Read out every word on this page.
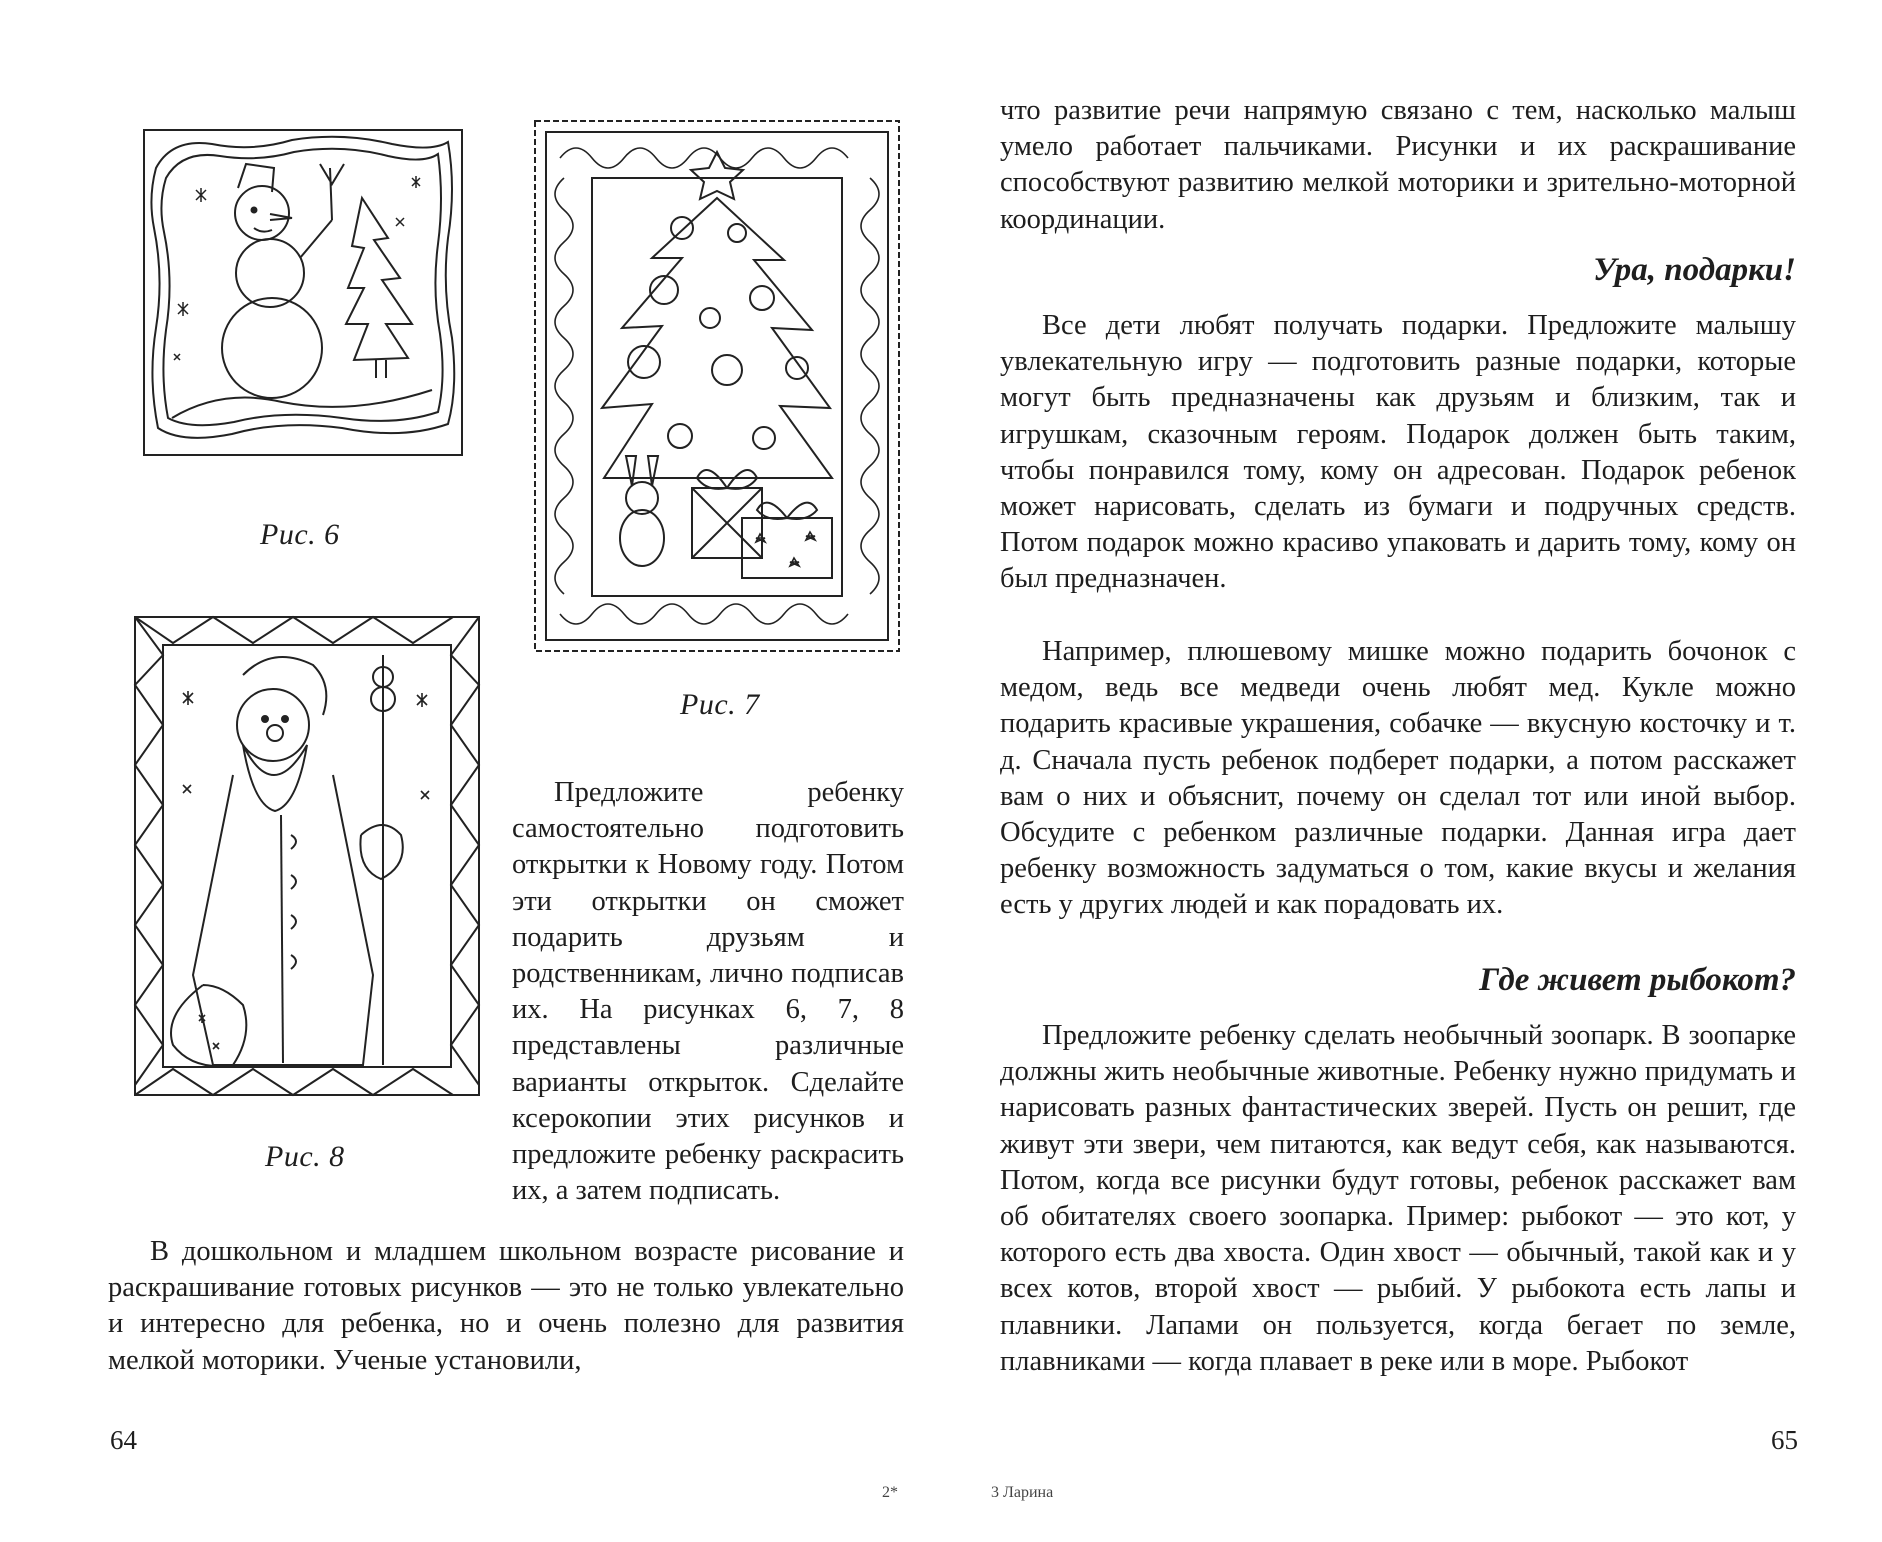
Рис. 6
Рис. 7
Рис. 8

Предложите ребенку самостоятельно подготовить открытки к Новому году. Потом эти открытки он сможет подарить друзьям и родственникам, лично подписав их. На рисунках 6, 7, 8 представлены различные варианты открыток. Сделайте ксерокопии этих рисунков и предложите ребенку раскрасить их, а затем подписать.

В дошкольном и младшем школьном возрасте рисование и раскрашивание готовых рисунков — это не только увлекательно и интересно для ребенка, но и очень полезно для развития мелкой моторики. Ученые установили,

64
2*

что развитие речи напрямую связано с тем, насколько малыш умело работает пальчиками. Рисунки и их раскрашивание способствуют развитию мелкой моторики и зрительно-моторной координации.

Ура, подарки!

Все дети любят получать подарки. Предложите малышу увлекательную игру — подготовить разные подарки, которые могут быть предназначены как друзьям и близким, так и игрушкам, сказочным героям. Подарок должен быть таким, чтобы понравился тому, кому он адресован. Подарок ребенок может нарисовать, сделать из бумаги и подручных средств. Потом подарок можно красиво упаковать и дарить тому, кому он был предназначен.

Например, плюшевому мишке можно подарить бочонок с медом, ведь все медведи очень любят мед. Кукле можно подарить красивые украшения, собачке — вкусную косточку и т. д. Сначала пусть ребенок подберет подарки, а потом расскажет вам о них и объяснит, почему он сделал тот или иной выбор. Обсудите с ребенком различные подарки. Данная игра дает ребенку возможность задуматься о том, какие вкусы и желания есть у других людей и как порадовать их.

Где живет рыбокот?

Предложите ребенку сделать необычный зоопарк. В зоопарке должны жить необычные животные. Ребенку нужно придумать и нарисовать разных фантастических зверей. Пусть он решит, где живут эти звери, чем питаются, как ведут себя, как называются. Потом, когда все рисунки будут готовы, ребенок расскажет вам об обитателях своего зоопарка. Пример: рыбокот — это кот, у которого есть два хвоста. Один хвост — обычный, такой как и у всех котов, второй хвост — рыбий. У рыбокота есть лапы и плавники. Лапами он пользуется, когда бегает по земле, плавниками — когда плавает в реке или в море. Рыбокот

65
3 Ларина
